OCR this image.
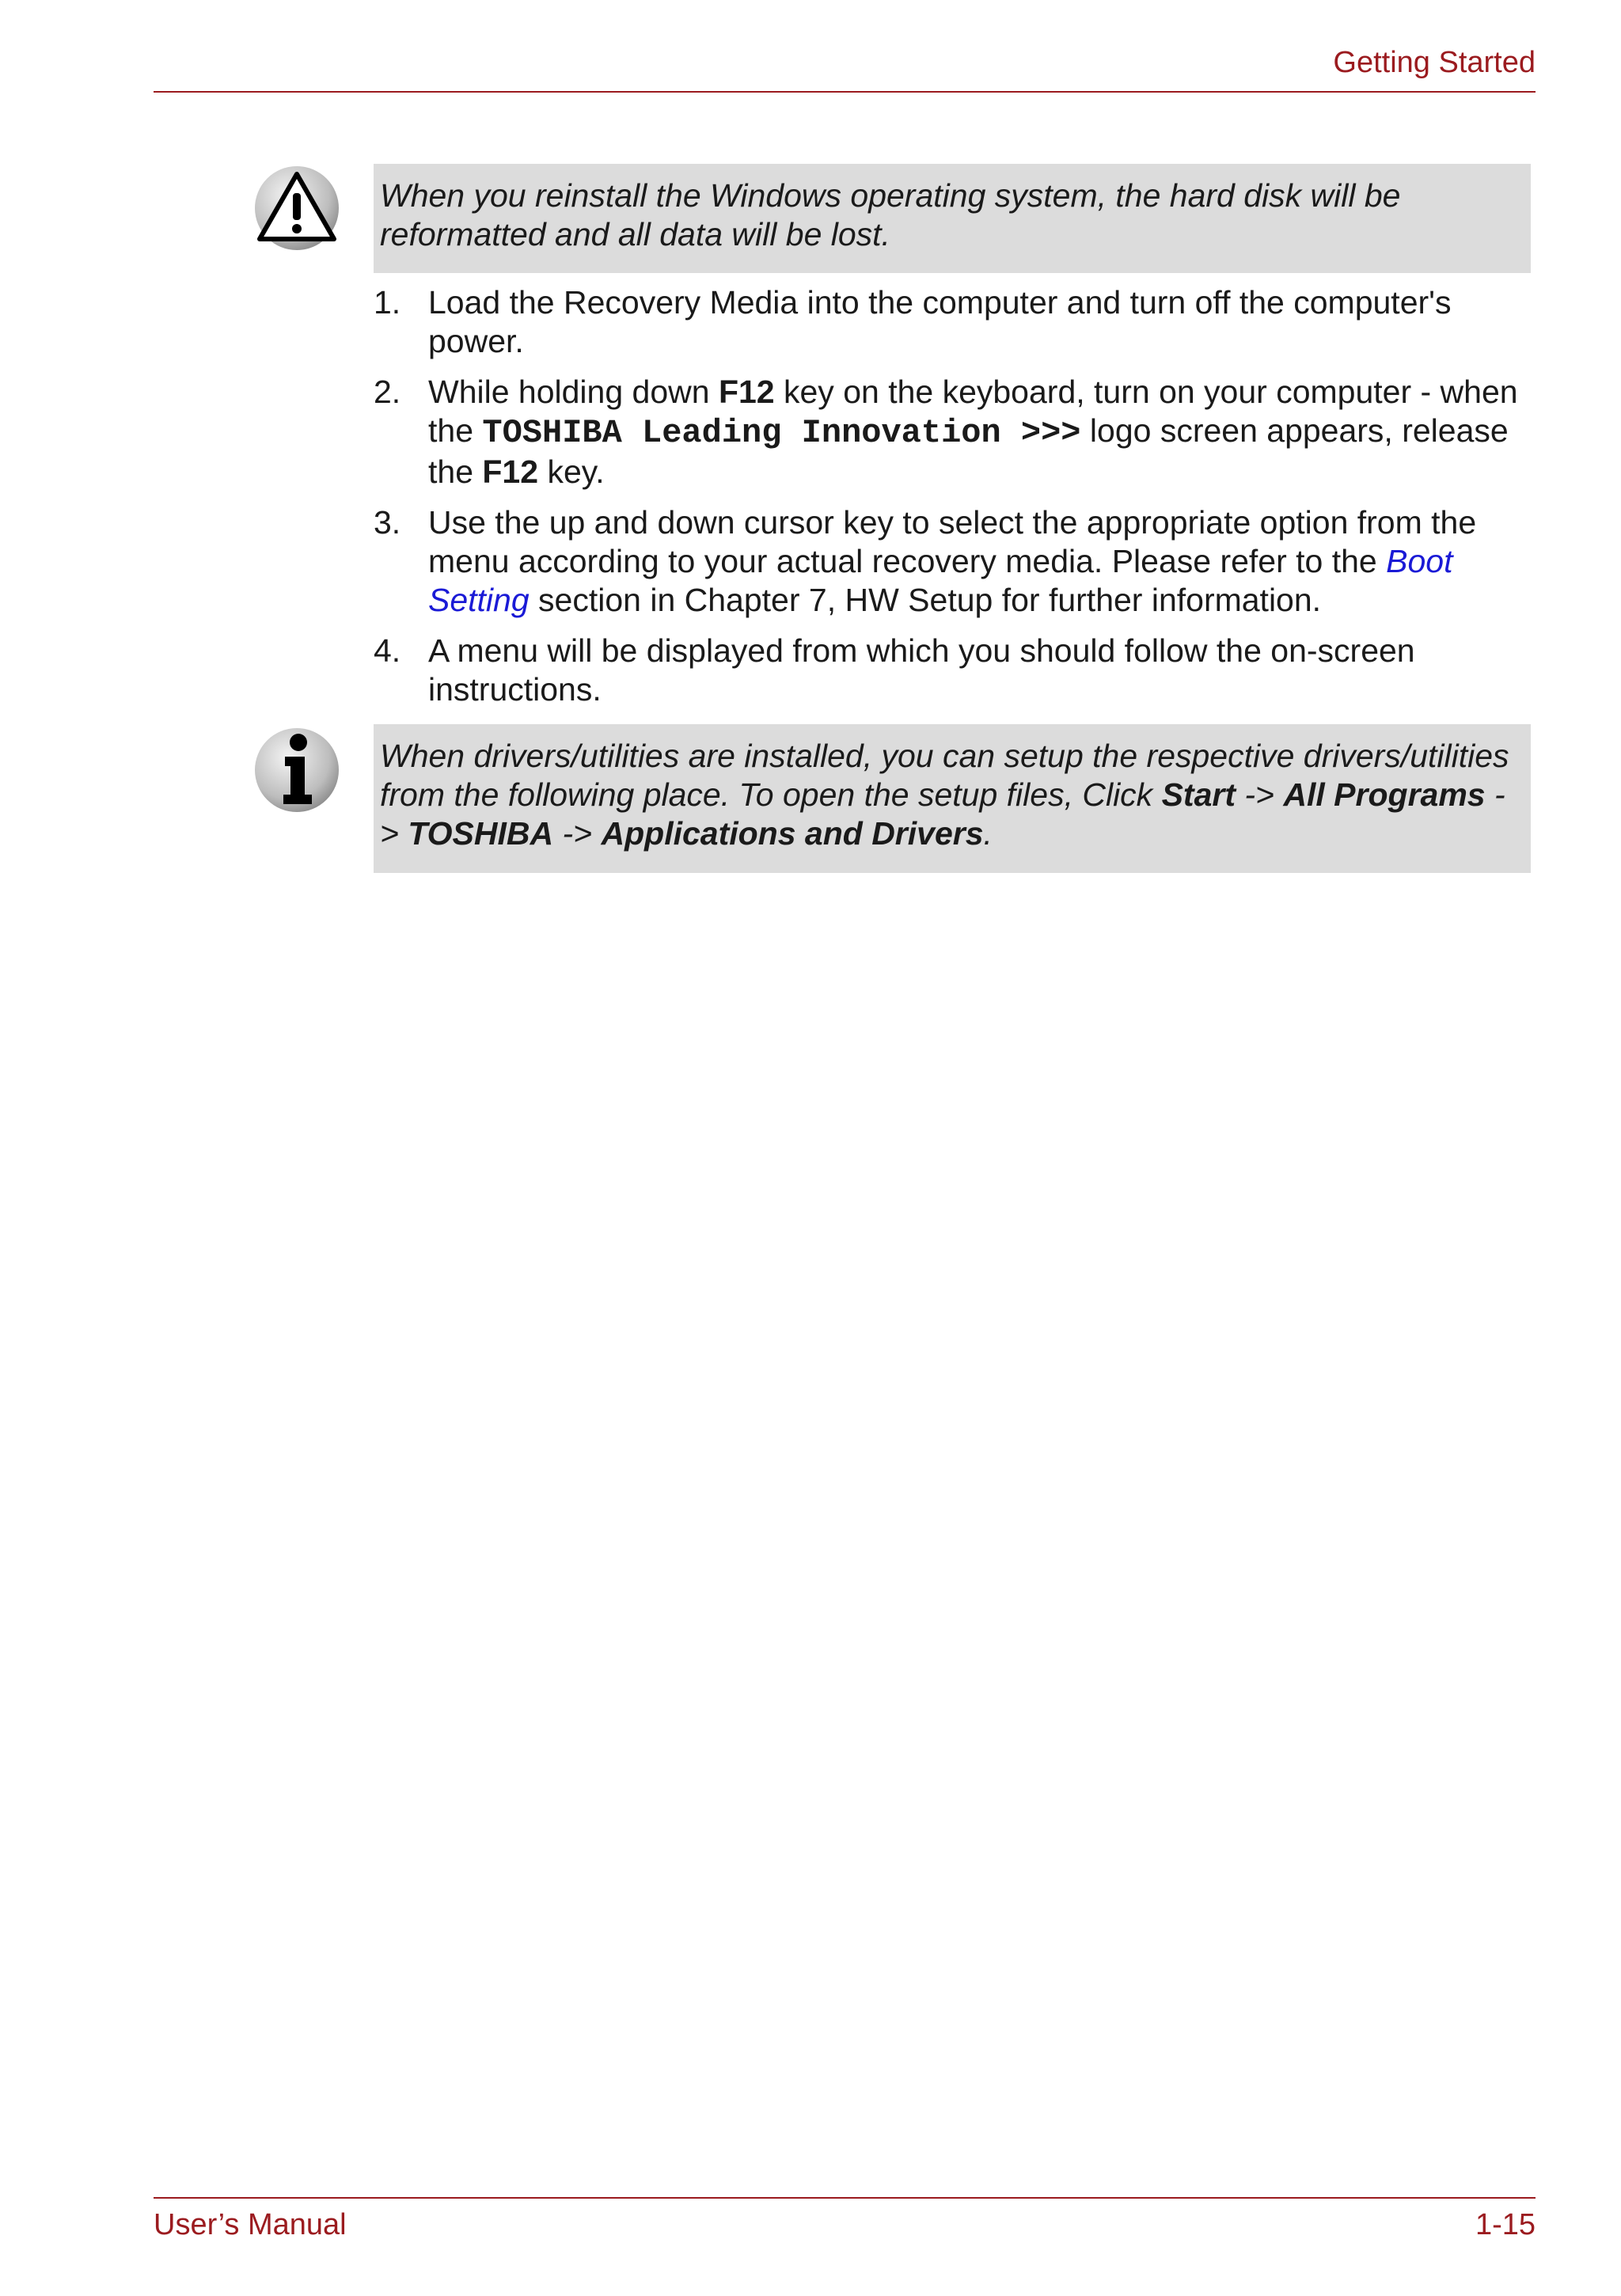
Getting Started
When you reinstall the Windows operating system, the hard disk will be reformatted and all data will be lost.
1. Load the Recovery Media into the computer and turn off the computer's power.
2. While holding down F12 key on the keyboard, turn on your computer - when the TOSHIBA Leading Innovation >>> logo screen appears, release the F12 key.
3. Use the up and down cursor key to select the appropriate option from the menu according to your actual recovery media. Please refer to the Boot Setting section in Chapter 7, HW Setup for further information.
4. A menu will be displayed from which you should follow the on-screen instructions.
When drivers/utilities are installed, you can setup the respective drivers/utilities from the following place. To open the setup files, Click Start -> All Programs -> TOSHIBA -> Applications and Drivers.
User’s Manual	1-15
